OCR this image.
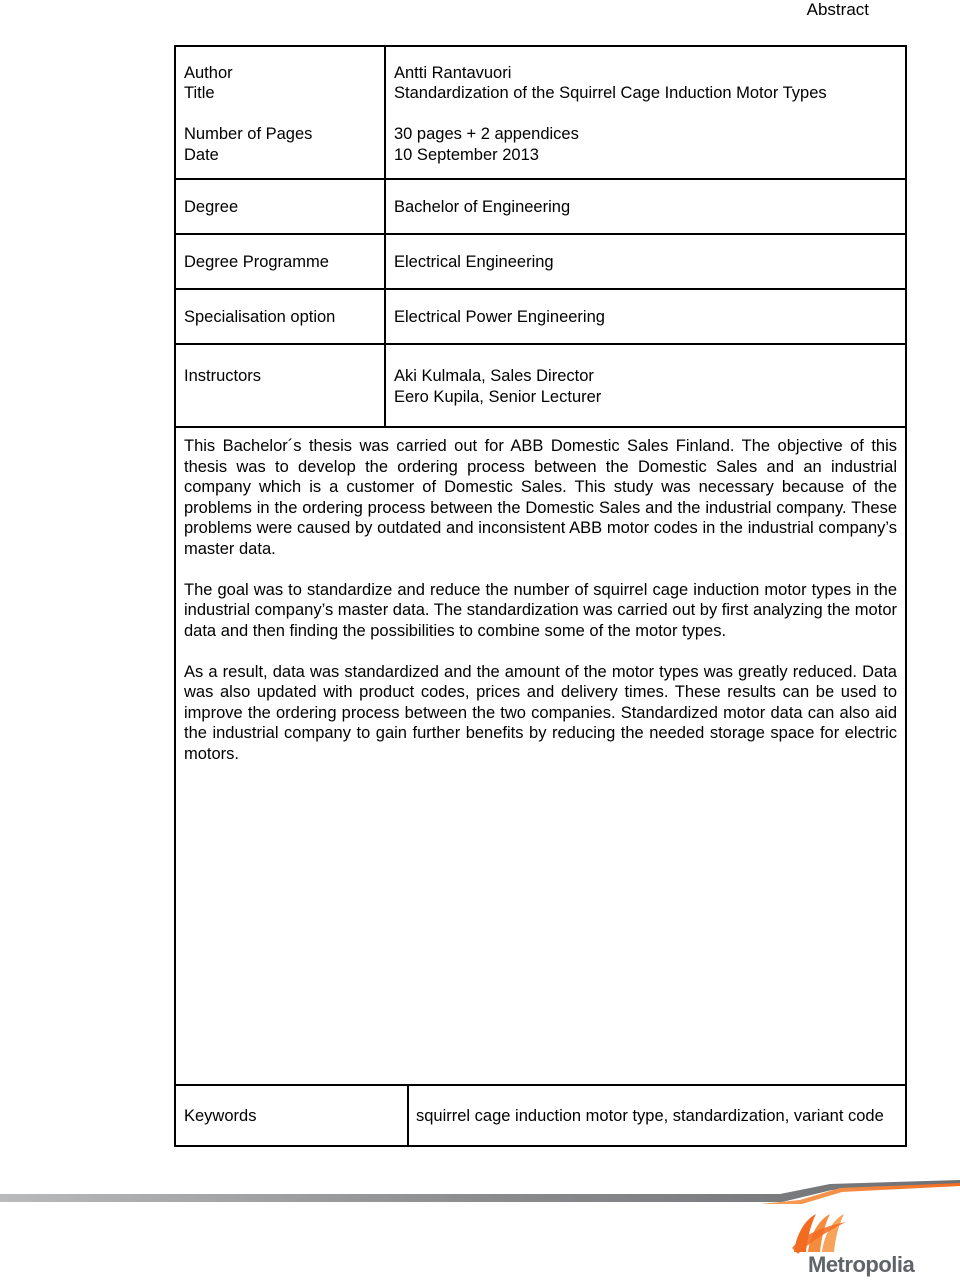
Abstract
Author	Antti Rantavuori
Title	Standardization of the Squirrel Cage Induction Motor Types
Number of Pages	30 pages + 2 appendices
Date	10 September 2013
Degree	Bachelor of Engineering
Degree Programme	Electrical Engineering
Specialisation option	Electrical Power Engineering
Instructors	Aki Kulmala, Sales Director
Eero Kupila, Senior Lecturer

This Bachelor´s thesis was carried out for ABB Domestic Sales Finland. The objective of this thesis was to develop the ordering process between the Domestic Sales and an industrial company which is a customer of Domestic Sales. This study was necessary because of the problems in the ordering process between the Domestic Sales and the industrial company. These problems were caused by outdated and inconsistent ABB motor codes in the industrial company’s master data.

The goal was to standardize and reduce the number of squirrel cage induction motor types in the industrial company’s master data. The standardization was carried out by first analyzing the motor data and then finding the possibilities to combine some of the motor types.

As a result, data was standardized and the amount of the motor types was greatly reduced. Data was also updated with product codes, prices and delivery times. These results can be used to improve the ordering process between the two companies. Standardized motor data can also aid the industrial company to gain further benefits by reducing the needed storage space for electric motors.

Keywords	squirrel cage induction motor type, standardization, variant code
Metropolia
